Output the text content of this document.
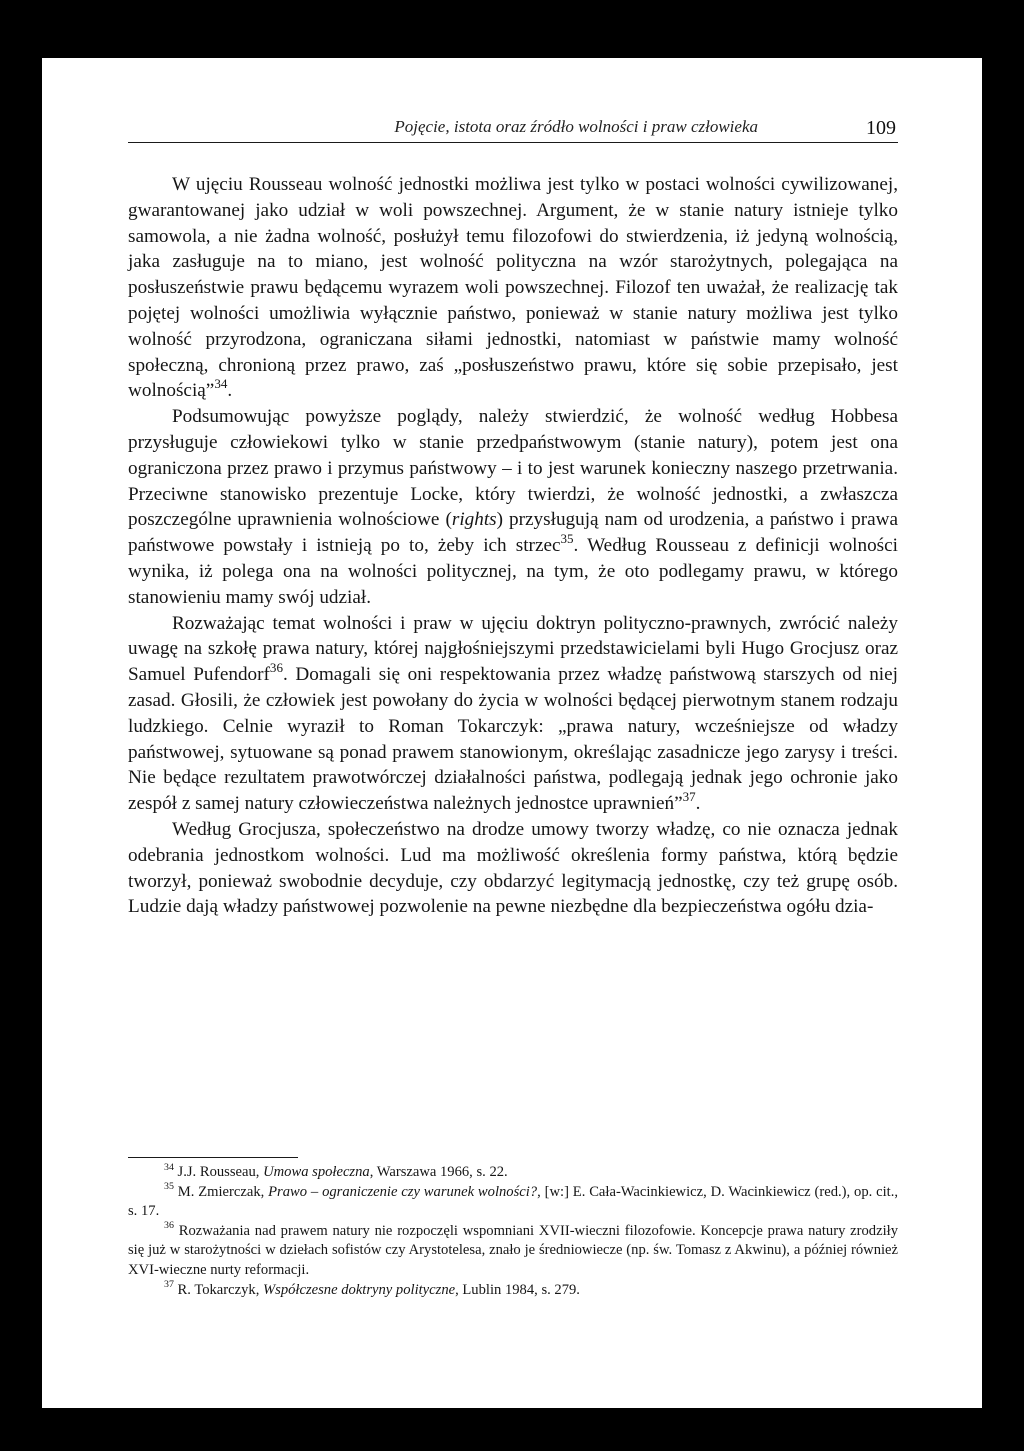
Pojęcie, istota oraz źródło wolności i praw człowieka	109

W ujęciu Rousseau wolność jednostki możliwa jest tylko w postaci wolności cywilizowanej, gwarantowanej jako udział w woli powszechnej. Argument, że w stanie natury istnieje tylko samowola, a nie żadna wolność, posłużył temu filozofowi do stwierdzenia, iż jedyną wolnością, jaka zasługuje na to miano, jest wolność polityczna na wzór starożytnych, polegająca na posłuszeństwie prawu będącemu wyrazem woli powszechnej. Filozof ten uważał, że realizację tak pojętej wolności umożliwia wyłącznie państwo, ponieważ w stanie natury możliwa jest tylko wolność przyrodzona, ograniczana siłami jednostki, natomiast w państwie mamy wolność społeczną, chronioną przez prawo, zaś „posłuszeństwo prawu, które się sobie przepisało, jest wolnością”$^{34}$.

Podsumowując powyższe poglądy, należy stwierdzić, że wolność według Hobbesa przysługuje człowiekowi tylko w stanie przedpaństwowym (stanie natury), potem jest ona ograniczona przez prawo i przymus państwowy – i to jest warunek konieczny naszego przetrwania. Przeciwne stanowisko prezentuje Locke, który twierdzi, że wolność jednostki, a zwłaszcza poszczególne uprawnienia wolnościowe (rights) przysługują nam od urodzenia, a państwo i prawa państwowe powstały i istnieją po to, żeby ich strzec$^{35}$. Według Rousseau z definicji wolności wynika, iż polega ona na wolności politycznej, na tym, że oto podlegamy prawu, w którego stanowieniu mamy swój udział.

Rozważając temat wolności i praw w ujęciu doktryn polityczno-prawnych, zwrócić należy uwagę na szkołę prawa natury, której najgłośniejszymi przedstawicielami byli Hugo Grocjusz oraz Samuel Pufendorf$^{36}$. Domagali się oni respektowania przez władzę państwową starszych od niej zasad. Głosili, że człowiek jest powołany do życia w wolności będącej pierwotnym stanem rodzaju ludzkiego. Celnie wyraził to Roman Tokarczyk: „prawa natury, wcześniejsze od władzy państwowej, sytuowane są ponad prawem stanowionym, określając zasadnicze jego zarysy i treści. Nie będące rezultatem prawotwórczej działalności państwa, podlegają jednak jego ochronie jako zespół z samej natury człowieczeństwa należnych jednostce uprawnień”$^{37}$.

Według Grocjusza, społeczeństwo na drodze umowy tworzy władzę, co nie oznacza jednak odebrania jednostkom wolności. Lud ma możliwość określenia formy państwa, którą będzie tworzył, ponieważ swobodnie decyduje, czy obdarzyć legitymacją jednostkę, czy też grupę osób. Ludzie dają władzy państwowej pozwolenie na pewne niezbędne dla bezpieczeństwa ogółu dzia-

$^{34}$ J.J. Rousseau, Umowa społeczna, Warszawa 1966, s. 22.

$^{35}$ M. Zmierczak, Prawo – ograniczenie czy warunek wolności?, [w:] E. Cała-Wacinkiewicz, D. Wacinkiewicz (red.), op. cit., s. 17.

$^{36}$ Rozważania nad prawem natury nie rozpoczęli wspomniani XVII-wieczni filozofowie. Koncepcje prawa natury zrodziły się już w starożytności w dziełach sofistów czy Arystotelesa, znało je średniowiecze (np. św. Tomasz z Akwinu), a później również XVI-wieczne nurty reformacji.

$^{37}$ R. Tokarczyk, Współczesne doktryny polityczne, Lublin 1984, s. 279.
